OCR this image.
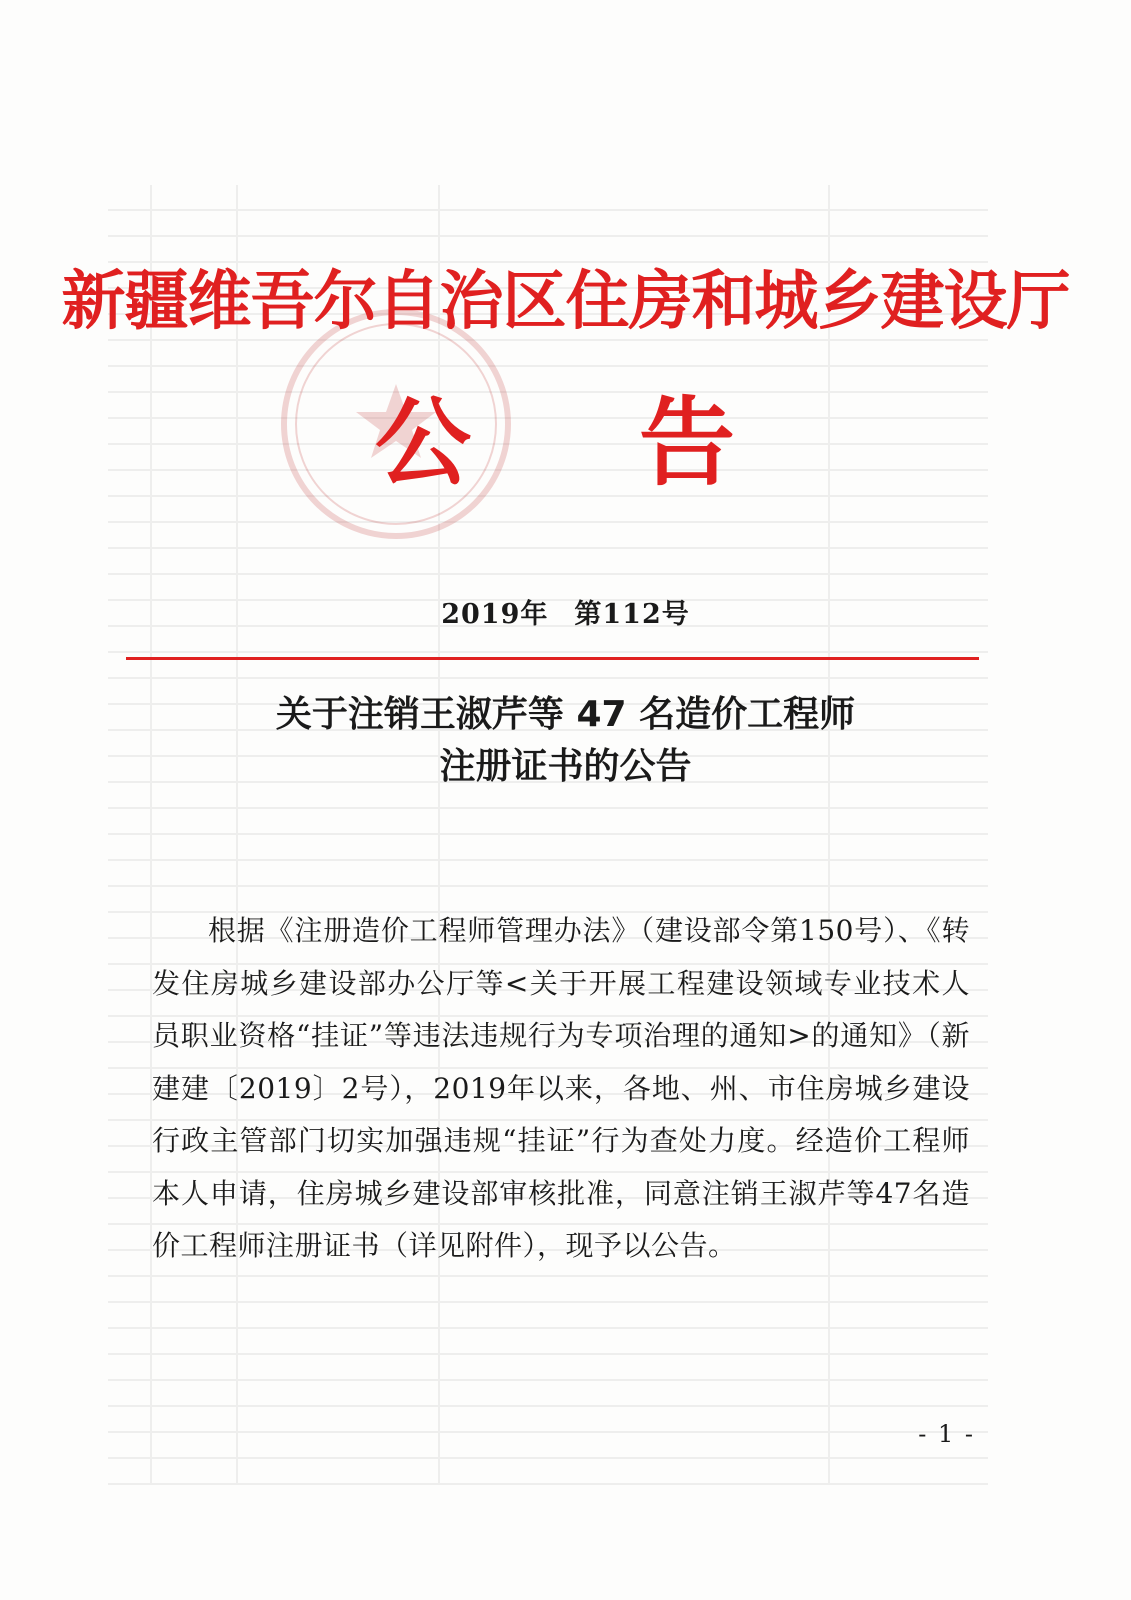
新疆维吾尔自治区住房和城乡建设厅
公 告
2019年 第112号
关于注销王淑芹等 47 名造价工程师
注册证书的公告

根据《注册造价工程师管理办法》（建设部令第150号）、《转发住房城乡建设部办公厅等<关于开展工程建设领域专业技术人员职业资格“挂证”等违法违规行为专项治理的通知>的通知》（新建建〔2019〕2号），2019年以来，各地、州、市住房城乡建设行政主管部门切实加强违规“挂证”行为查处力度。经造价工程师本人申请，住房城乡建设部审核批准，同意注销王淑芹等47名造价工程师注册证书（详见附件），现予以公告。

- 1 -
